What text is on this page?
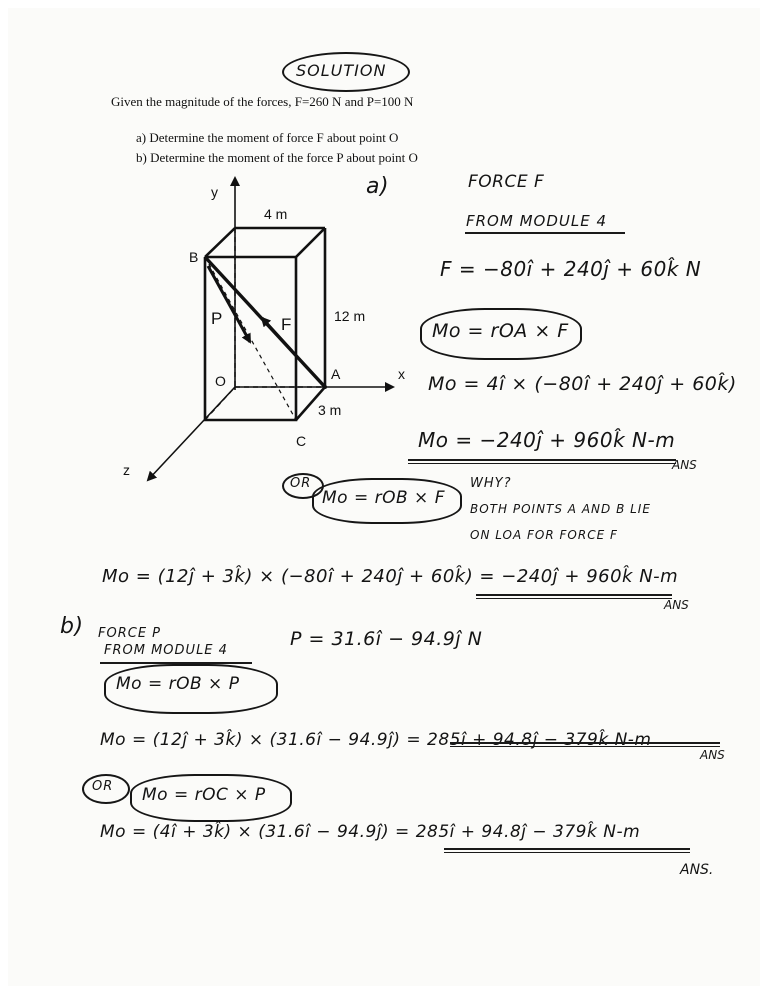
SOLUTION
Given the magnitude of the forces, F=260 N and P=100 N
a) Determine the moment of force F about point O
b) Determine the moment of the force P about point O
y
x
z
4 m
12 m
3 m
B
O	A
C
P	F
a)	FORCE F
FROM MODULE 4
F = −80î + 240ĵ + 60k̂ N
Mo = rOA × F
Mo = 4î × (−80î + 240ĵ + 60k̂)
Mo = −240ĵ + 960k̂ N-m
ANS
OR
Mo = rOB × F
WHY?
BOTH POINTS A AND B LIE
ON LOA FOR FORCE F
Mo = (12ĵ + 3k̂) × (−80î + 240ĵ + 60k̂) = −240ĵ + 960k̂ N-m
ANS
b) FORCE P
FROM MODULE 4
P = 31.6î − 94.9ĵ N
Mo = rOB × P
Mo = (12ĵ + 3k̂) × (31.6î − 94.9ĵ) = 285î + 94.8ĵ − 379k̂ N-m
ANS
OR Mo = rOC × P
Mo = (4î + 3k̂) × (31.6î − 94.9ĵ) = 285î + 94.8ĵ − 379k̂ N-m
ANS.
